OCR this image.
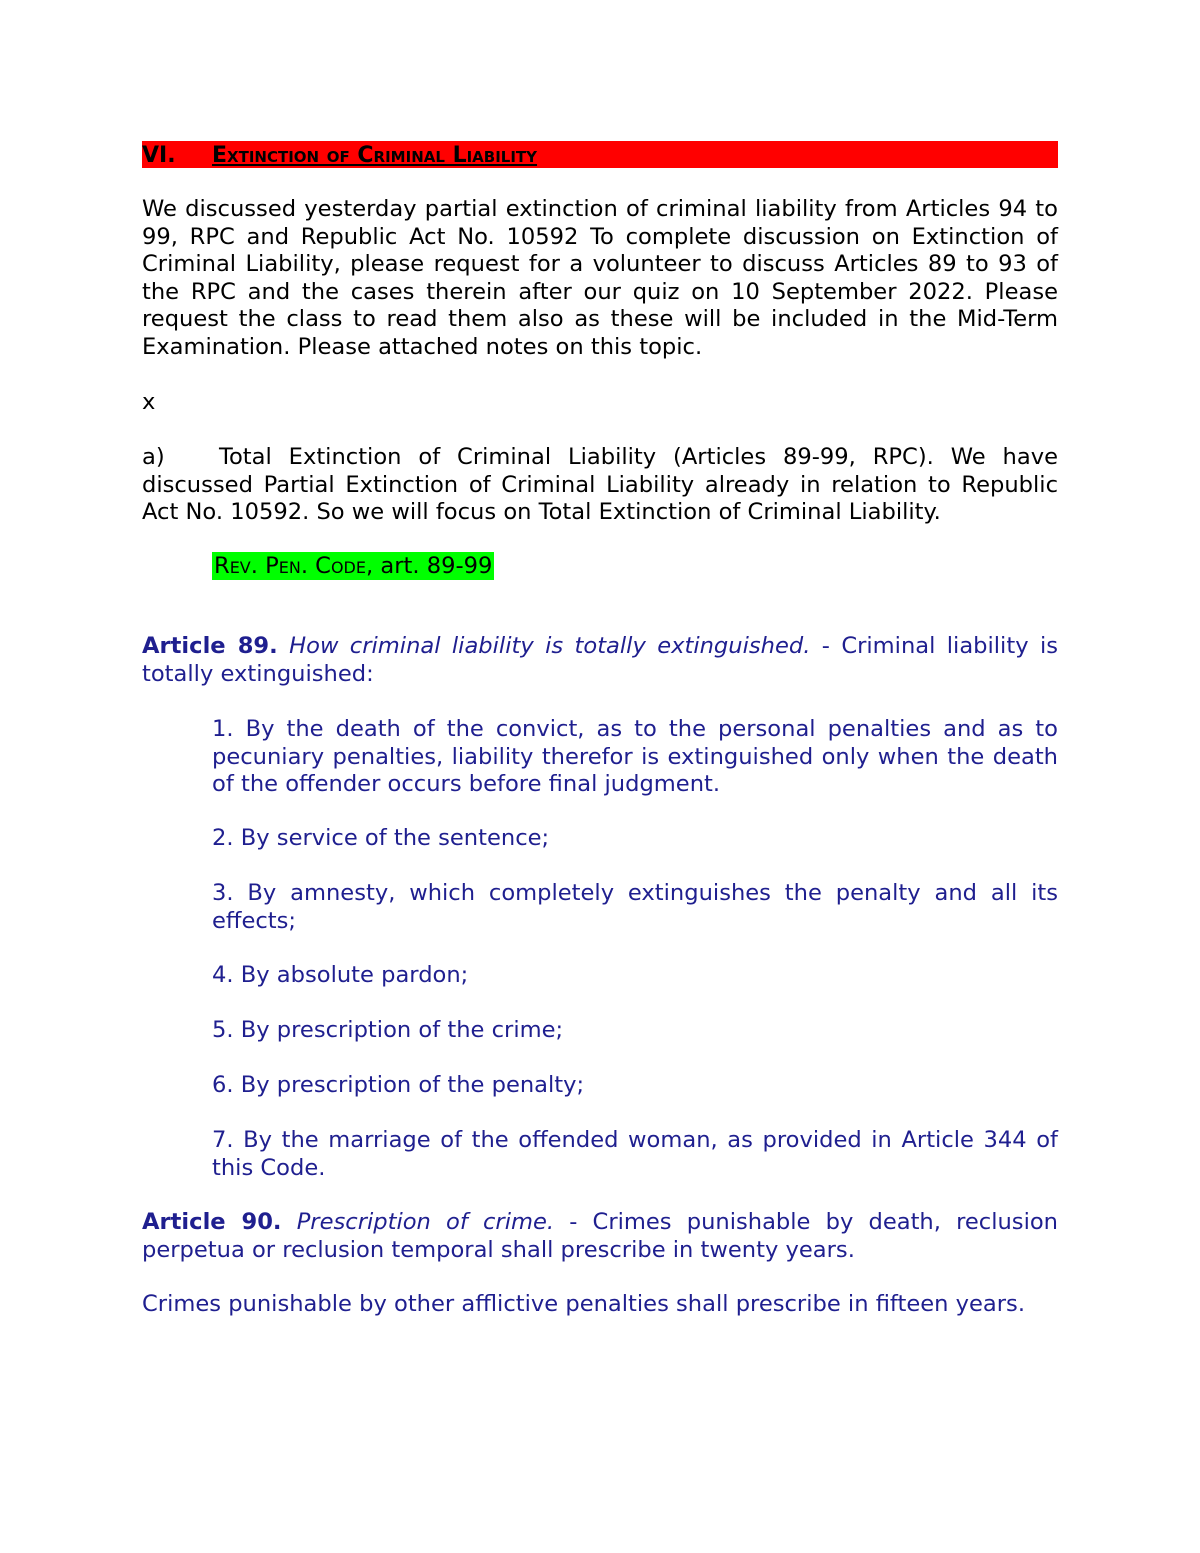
VI. Extinction of Criminal Liability

We discussed yesterday partial extinction of criminal liability from Articles 94 to 99, RPC and Republic Act No. 10592 To complete discussion on Extinction of Criminal Liability, please request for a volunteer to discuss Articles 89 to 93 of the RPC and the cases therein after our quiz on 10 September 2022. Please request the class to read them also as these will be included in the Mid-Term Examination. Please attached notes on this topic.

x

a) Total Extinction of Criminal Liability (Articles 89-99, RPC). We have discussed Partial Extinction of Criminal Liability already in relation to Republic Act No. 10592. So we will focus on Total Extinction of Criminal Liability.

Rev. Pen. Code, art. 89-99

Article 89. How criminal liability is totally extinguished. - Criminal liability is totally extinguished:

1. By the death of the convict, as to the personal penalties and as to pecuniary penalties, liability therefor is extinguished only when the death of the offender occurs before final judgment.

2. By service of the sentence;

3. By amnesty, which completely extinguishes the penalty and all its effects;

4. By absolute pardon;

5. By prescription of the crime;

6. By prescription of the penalty;

7. By the marriage of the offended woman, as provided in Article 344 of this Code.

Article 90. Prescription of crime. - Crimes punishable by death, reclusion perpetua or reclusion temporal shall prescribe in twenty years.

Crimes punishable by other afflictive penalties shall prescribe in fifteen years.
